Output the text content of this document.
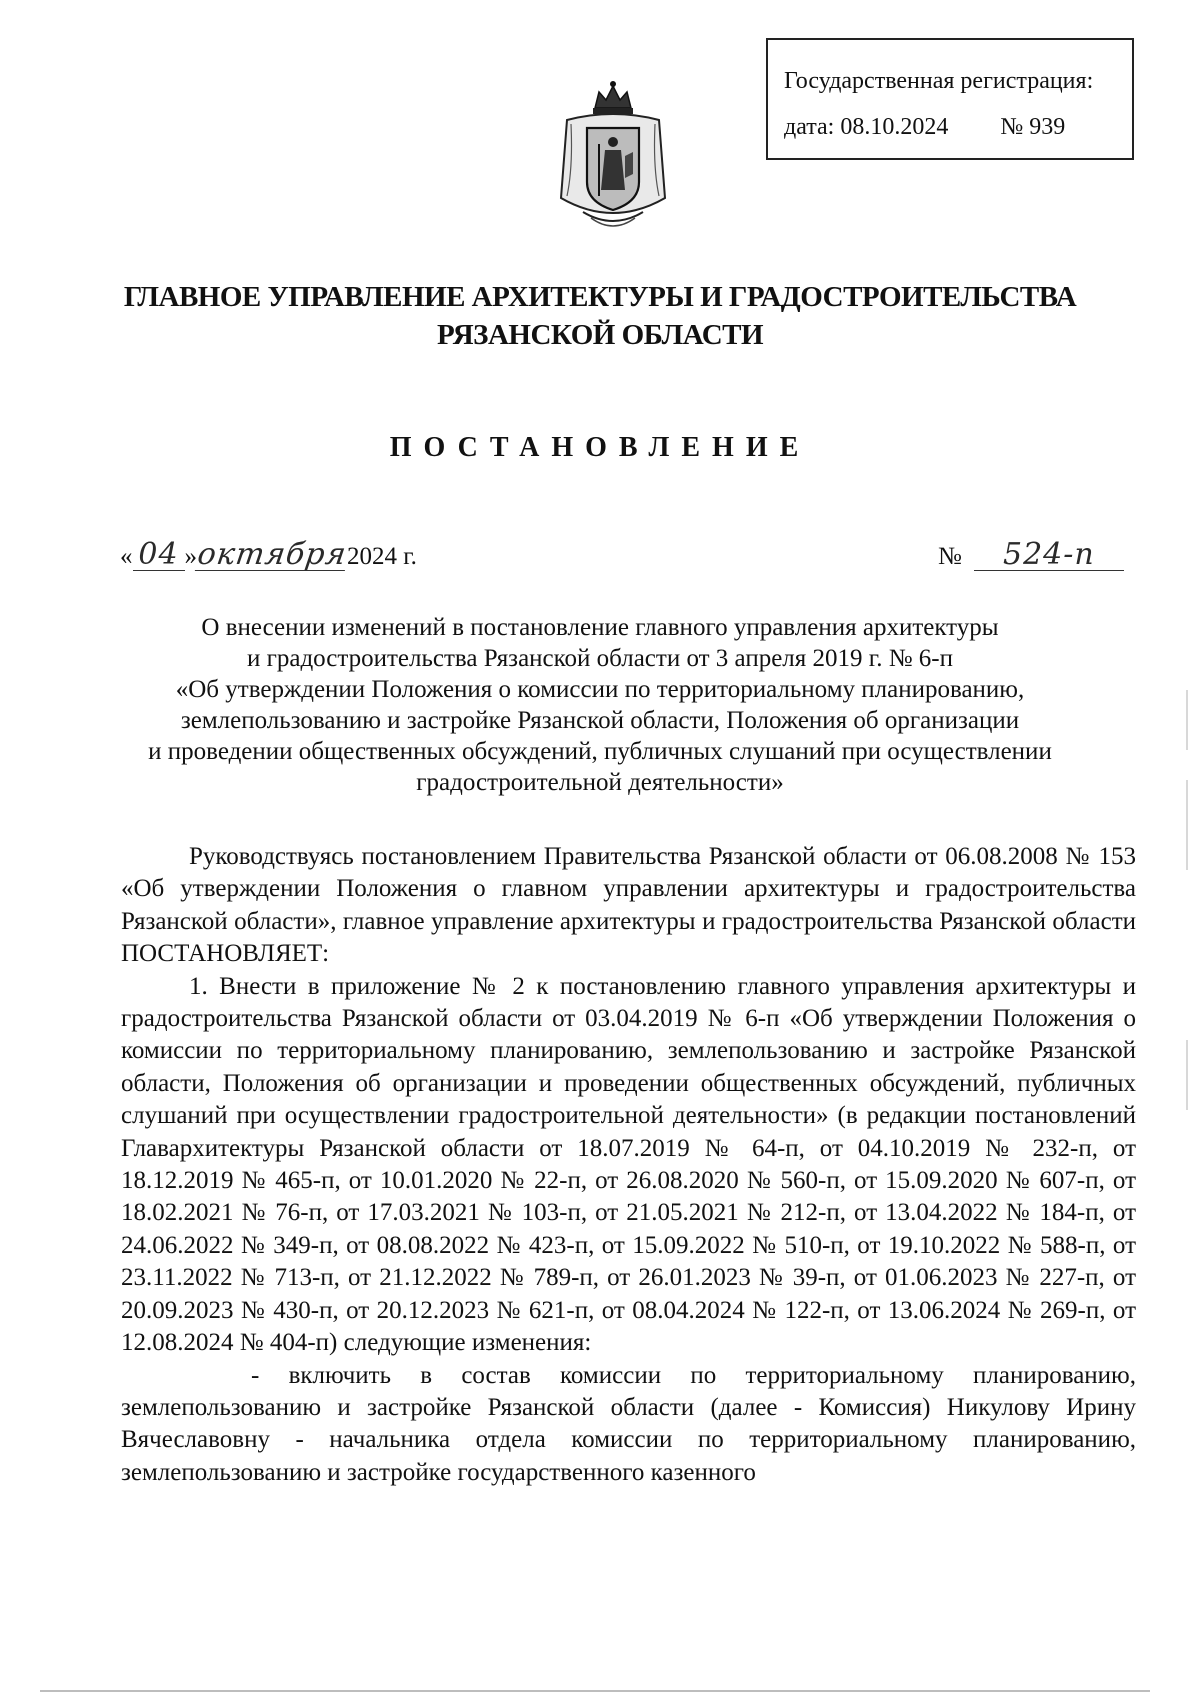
Государственная регистрация:
дата: 08.10.2024 № 939
ГЛАВНОЕ УПРАВЛЕНИЕ АРХИТЕКТУРЫ И ГРАДОСТРОИТЕЛЬСТВА
РЯЗАНСКОЙ ОБЛАСТИ
ПОСТАНОВЛЕНИЕ
« 04 »октября2024 г.	№ 524-п
О внесении изменений в постановление главного управления архитектуры
и градостроительства Рязанской области от 3 апреля 2019 г. № 6-п
«Об утверждении Положения о комиссии по территориальному планированию,
землепользованию и застройке Рязанской области, Положения об организации
и проведении общественных обсуждений, публичных слушаний при осуществлении
градостроительной деятельности»

Руководствуясь постановлением Правительства Рязанской области от 06.08.2008 № 153 «Об утверждении Положения о главном управлении архитектуры и градостроительства Рязанской области», главное управление архитектуры и градостроительства Рязанской области ПОСТАНОВЛЯЕТ:

1. Внести в приложение № 2 к постановлению главного управления архитектуры и градостроительства Рязанской области от 03.04.2019 № 6-п «Об утверждении Положения о комиссии по территориальному планированию, землепользованию и застройке Рязанской области, Положения об организации и проведении общественных обсуждений, публичных слушаний при осуществлении градостроительной деятельности» (в редакции постановлений Главархитектуры Рязанской области от 18.07.2019 № 64-п, от 04.10.2019 № 232-п, от 18.12.2019 № 465-п, от 10.01.2020 № 22-п, от 26.08.2020 № 560-п, от 15.09.2020 № 607-п, от 18.02.2021 № 76-п, от 17.03.2021 № 103-п, от 21.05.2021 № 212-п, от 13.04.2022 № 184-п, от 24.06.2022 № 349-п, от 08.08.2022 № 423-п, от 15.09.2022 № 510-п, от 19.10.2022 № 588-п, от 23.11.2022 № 713-п, от 21.12.2022 № 789-п, от 26.01.2023 № 39-п, от 01.06.2023 № 227-п, от 20.09.2023 № 430-п, от 20.12.2023 № 621-п, от 08.04.2024 № 122-п, от 13.06.2024 № 269-п, от 12.08.2024 № 404-п) следующие изменения:

- включить в состав комиссии по территориальному планированию, землепользованию и застройке Рязанской области (далее - Комиссия) Никулову Ирину Вячеславовну - начальника отдела комиссии по территориальному планированию, землепользованию и застройке государственного казенного
